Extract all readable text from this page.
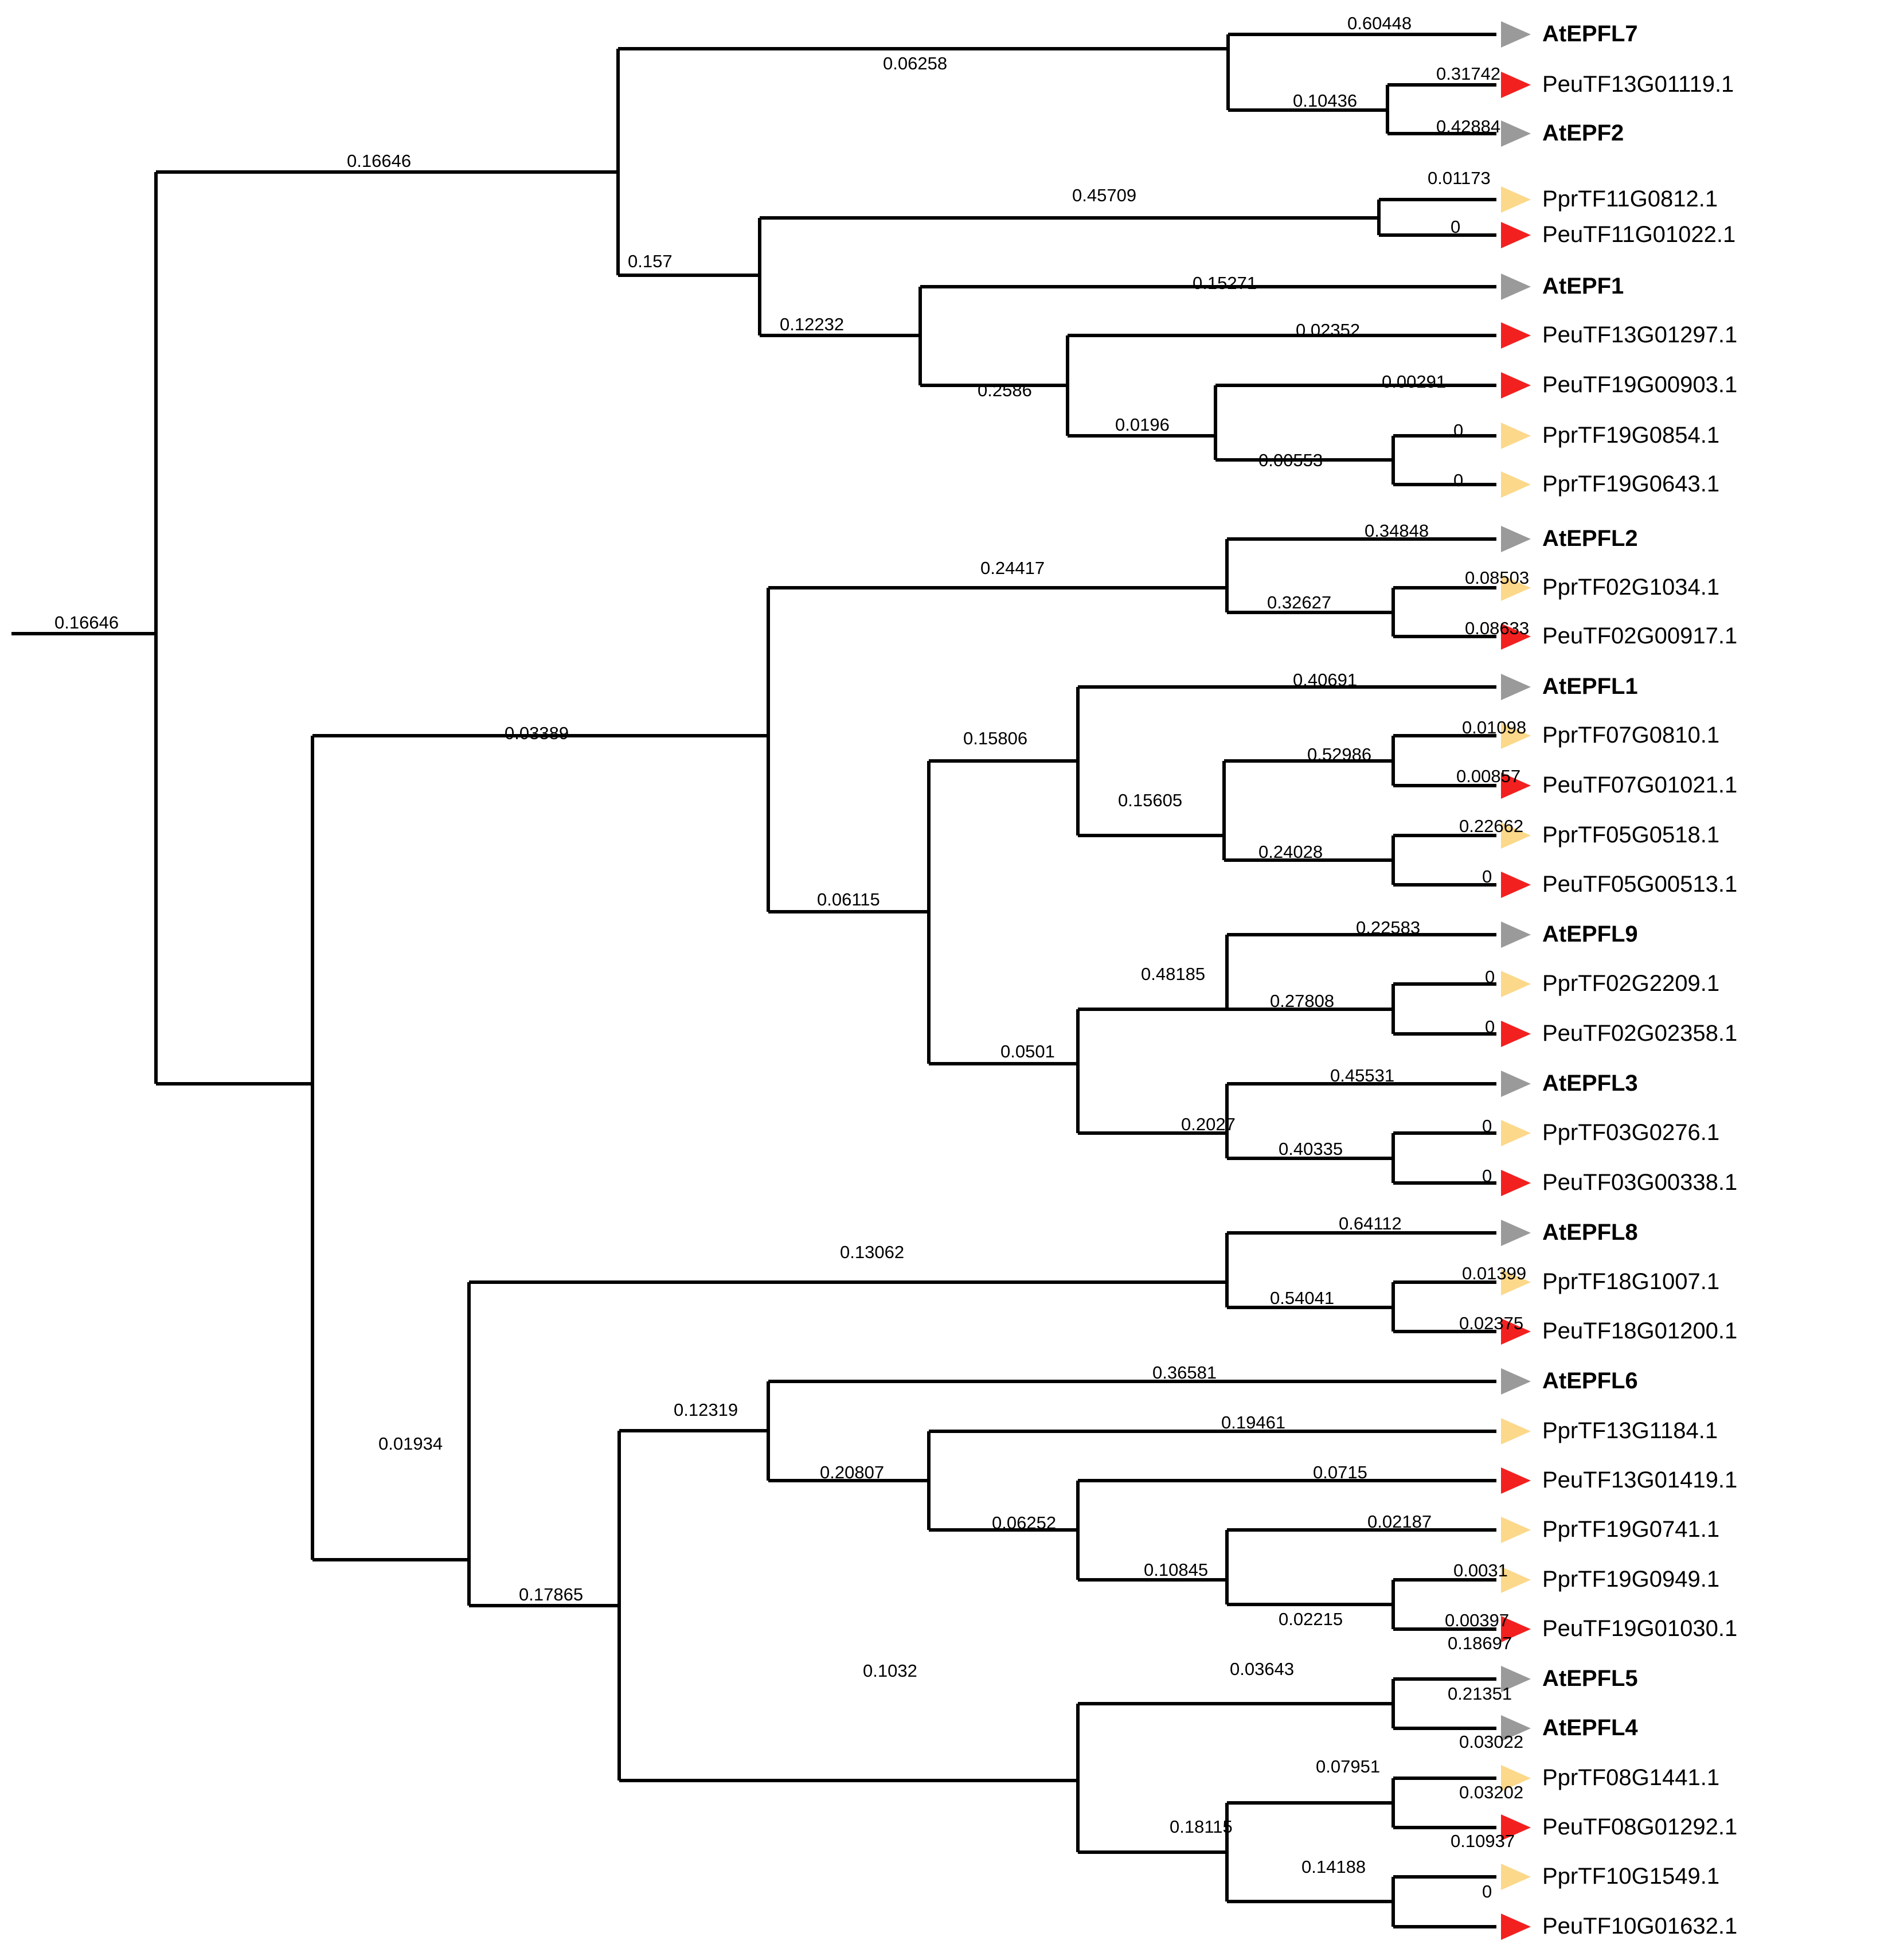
0.16646
0.16646
0.06258
0.60448
0.10436
0.31742
0.42884
0.157
0.45709
0.01173
0
0.12232
0.15271
0.2586
0.02352
0.0196
0.00291
0.00553
0
0
0.03389
0.24417
0.34848
0.32627
0.08503
0.08633
0.06115
0.15806
0.40691
0.15605
0.52986
0.01098
0.00857
0.24028
0.22662
0
0.0501
0.48185
0.22583
0.27808
0
0
0.2027
0.45531
0.40335
0
0
0.01934
0.13062
0.64112
0.54041
0.01399
0.02375
0.17865
0.12319
0.36581
0.20807
0.19461
0.06252
0.0715
0.10845
0.02187
0.02215
0.0031
0.00397
0.1032	0.03643
0.18697
0.21351
0.18115
0.07951
0.03022
0.03202
0.14188
0.10937
0
AtEPFL7
PeuTF13G01119.1
AtEPF2
PprTF11G0812.1
PeuTF11G01022.1
AtEPF1
PeuTF13G01297.1
PeuTF19G00903.1
PprTF19G0854.1
PprTF19G0643.1
AtEPFL2
PprTF02G1034.1
PeuTF02G00917.1
AtEPFL1
PprTF07G0810.1
PeuTF07G01021.1
PprTF05G0518.1
PeuTF05G00513.1
AtEPFL9
PprTF02G2209.1
PeuTF02G02358.1
AtEPFL3
PprTF03G0276.1
PeuTF03G00338.1
AtEPFL8
PprTF18G1007.1
PeuTF18G01200.1
AtEPFL6
PprTF13G1184.1
PeuTF13G01419.1
PprTF19G0741.1
PprTF19G0949.1
PeuTF19G01030.1
AtEPFL5
AtEPFL4
PprTF08G1441.1
PeuTF08G01292.1
PprTF10G1549.1
PeuTF10G01632.1
